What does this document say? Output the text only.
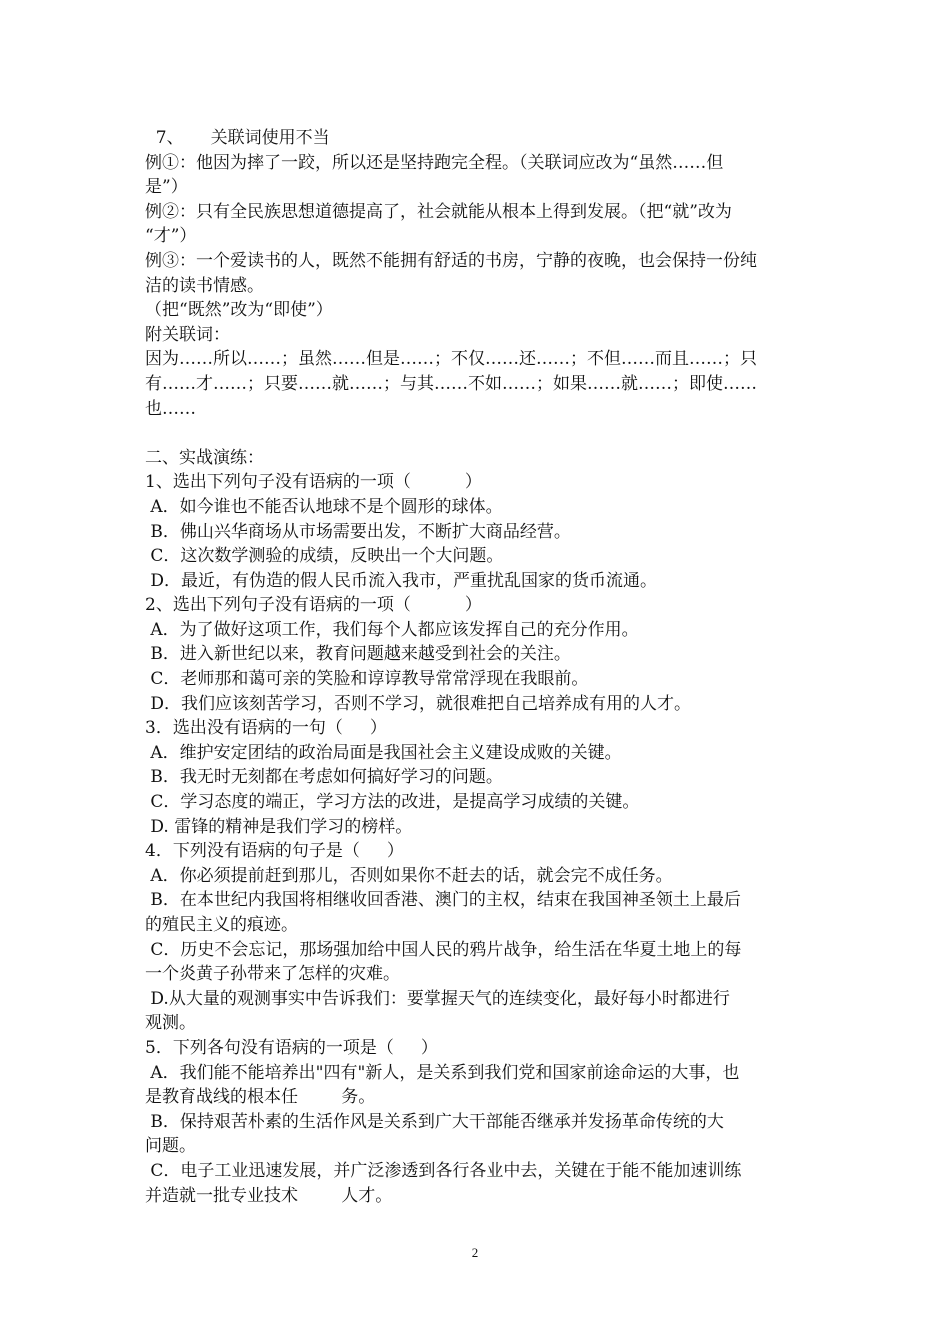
7、     关联词使用不当
例①：他因为摔了一跤，所以还是坚持跑完全程。（关联词应改为“虽然……但
是”）
例②：只有全民族思想道德提高了，社会就能从根本上得到发展。（把“就”改为
“才”）
例③：一个爱读书的人，既然不能拥有舒适的书房，宁静的夜晚，也会保持一份纯
洁的读书情感。
（把“既然”改为“即使”）
附关联词：
因为……所以……；虽然……但是……；不仅……还……；不但……而且……；只
有……才……；只要……就……；与其……不如……；如果……就……；即使……
也……
二、实战演练：
1、选出下列句子没有语病的一项（          ）
A．如今谁也不能否认地球不是个圆形的球体。
B．佛山兴华商场从市场需要出发，不断扩大商品经营。
C．这次数学测验的成绩，反映出一个大问题。
D．最近，有伪造的假人民币流入我市，严重扰乱国家的货币流通。
2、选出下列句子没有语病的一项（          ）
A．为了做好这项工作，我们每个人都应该发挥自己的充分作用。
B．进入新世纪以来，教育问题越来越受到社会的关注。
C．老师那和蔼可亲的笑脸和谆谆教导常常浮现在我眼前。
D．我们应该刻苦学习，否则不学习，就很难把自己培养成有用的人才。
3．选出没有语病的一句（     ）
A．维护安定团结的政治局面是我国社会主义建设成败的关键。
B．我无时无刻都在考虑如何搞好学习的问题。
C．学习态度的端正，学习方法的改进，是提高学习成绩的关键。
D. 雷锋的精神是我们学习的榜样。
4．下列没有语病的句子是（     ）
A．你必须提前赶到那儿，否则如果你不赶去的话，就会完不成任务。
B．在本世纪内我国将相继收回香港、澳门的主权，结束在我国神圣领土上最后
的殖民主义的痕迹。
C．历史不会忘记，那场强加给中国人民的鸦片战争，给生活在华夏土地上的每
一个炎黄子孙带来了怎样的灾难。
D.从大量的观测事实中告诉我们：要掌握天气的连续变化，最好每小时都进行
观测。
5．下列各句没有语病的一项是（     ）
A．我们能不能培养出"四有"新人，是关系到我们党和国家前途命运的大事，也
是教育战线的根本任        务。
B．保持艰苦朴素的生活作风是关系到广大干部能否继承并发扬革命传统的大
问题。
C．电子工业迅速发展，并广泛渗透到各行各业中去，关键在于能不能加速训练
并造就一批专业技术        人才。
2
